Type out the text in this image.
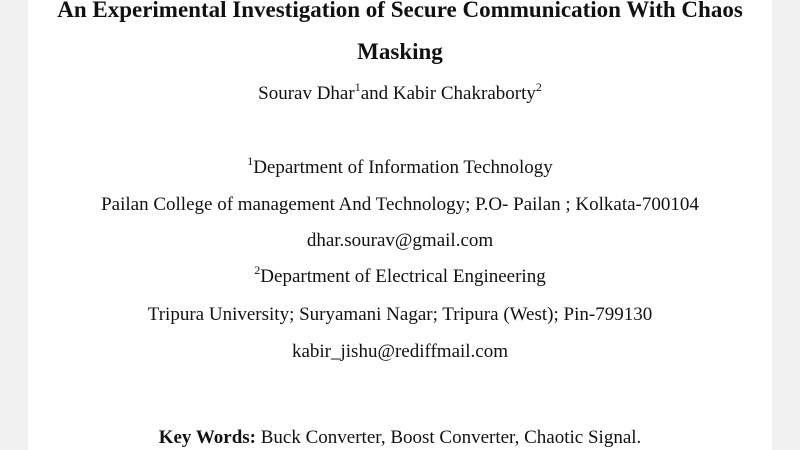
An Experimental Investigation of Secure Communication With Chaos
Masking
Sourav Dhar$^1$and Kabir Chakraborty$^2$
$^1$Department of Information Technology
Pailan College of management And Technology; P.O- Pailan ; Kolkata-700104
dhar.sourav@gmail.com
$^2$Department of Electrical Engineering
Tripura University; Suryamani Nagar; Tripura (West); Pin-799130
kabir_jishu@rediffmail.com
Key Words: Buck Converter, Boost Converter, Chaotic Signal.
